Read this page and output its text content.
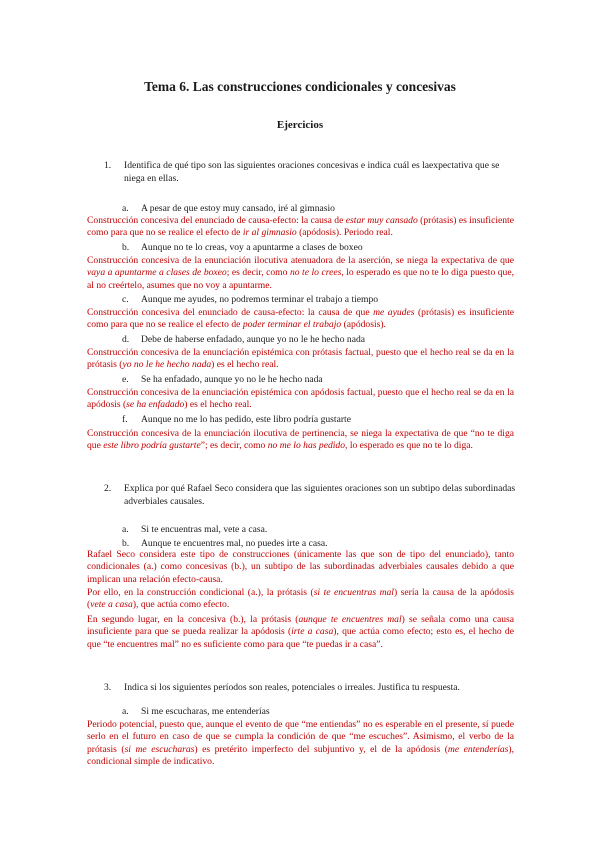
Tema 6. Las construcciones condicionales y concesivas
Ejercicios
1. Identifica de qué tipo son las siguientes oraciones concesivas e indica cuál es laexpectativa que se niega en ellas.
a. A pesar de que estoy muy cansado, iré al gimnasio
Construcción concesiva del enunciado de causa-efecto: la causa de estar muy cansado (prótasis) es insuficiente como para que no se realice el efecto de ir al gimnasio (apódosis). Periodo real.
b. Aunque no te lo creas, voy a apuntarme a clases de boxeo
Construcción concesiva de la enunciación ilocutiva atenuadora de la aserción, se niega la expectativa de que vaya a apuntarme a clases de boxeo; es decir, como no te lo crees, lo esperado es que no te lo diga puesto que, al no creértelo, asumes que no voy a apuntarme.
c. Aunque me ayudes, no podremos terminar el trabajo a tiempo
Construcción concesiva del enunciado de causa-efecto: la causa de que me ayudes (prótasis) es insuficiente como para que no se realice el efecto de poder terminar el trabajo (apódosis).
d. Debe de haberse enfadado, aunque yo no le he hecho nada
Construcción concesiva de la enunciación epistémica con prótasis factual, puesto que el hecho real se da en la prótasis (yo no le he hecho nada) es el hecho real.
e. Se ha enfadado, aunque yo no le he hecho nada
Construcción concesiva de la enunciación epistémica con apódosis factual, puesto que el hecho real se da en la apódosis (se ha enfadado) es el hecho real.
f. Aunque no me lo has pedido, este libro podría gustarte
Construcción concesiva de la enunciación ilocutiva de pertinencia, se niega la expectativa de que “no te diga que este libro podría gustarte”; es decir, como no me lo has pedido, lo esperado es que no te lo diga.
2. Explica por qué Rafael Seco considera que las siguientes oraciones son un subtipo delas subordinadas adverbiales causales.
a. Si te encuentras mal, vete a casa.
b. Aunque te encuentres mal, no puedes irte a casa.
Rafael Seco considera este tipo de construcciones (únicamente las que son de tipo del enunciado), tanto condicionales (a.) como concesivas (b.), un subtipo de las subordinadas adverbiales causales debido a que implican una relación efecto-causa.
Por ello, en la construcción condicional (a.), la prótasis (si te encuentras mal) sería la causa de la apódosis (vete a casa), que actúa como efecto.
En segundo lugar, en la concesiva (b.), la prótasis (aunque te encuentres mal) se señala como una causa insuficiente para que se pueda realizar la apódosis (irte a casa), que actúa como efecto; esto es, el hecho de que “te encuentres mal” no es suficiente como para que “te puedas ir a casa”.
3. Indica si los siguientes períodos son reales, potenciales o irreales. Justifica tu respuesta.
a. Si me escucharas, me entenderías
Periodo potencial, puesto que, aunque el evento de que “me entiendas” no es esperable en el presente, sí puede serlo en el futuro en caso de que se cumpla la condición de que “me escuches”. Asimismo, el verbo de la prótasis (si me escucharas) es pretérito imperfecto del subjuntivo y, el de la apódosis (me entenderías), condicional simple de indicativo.
